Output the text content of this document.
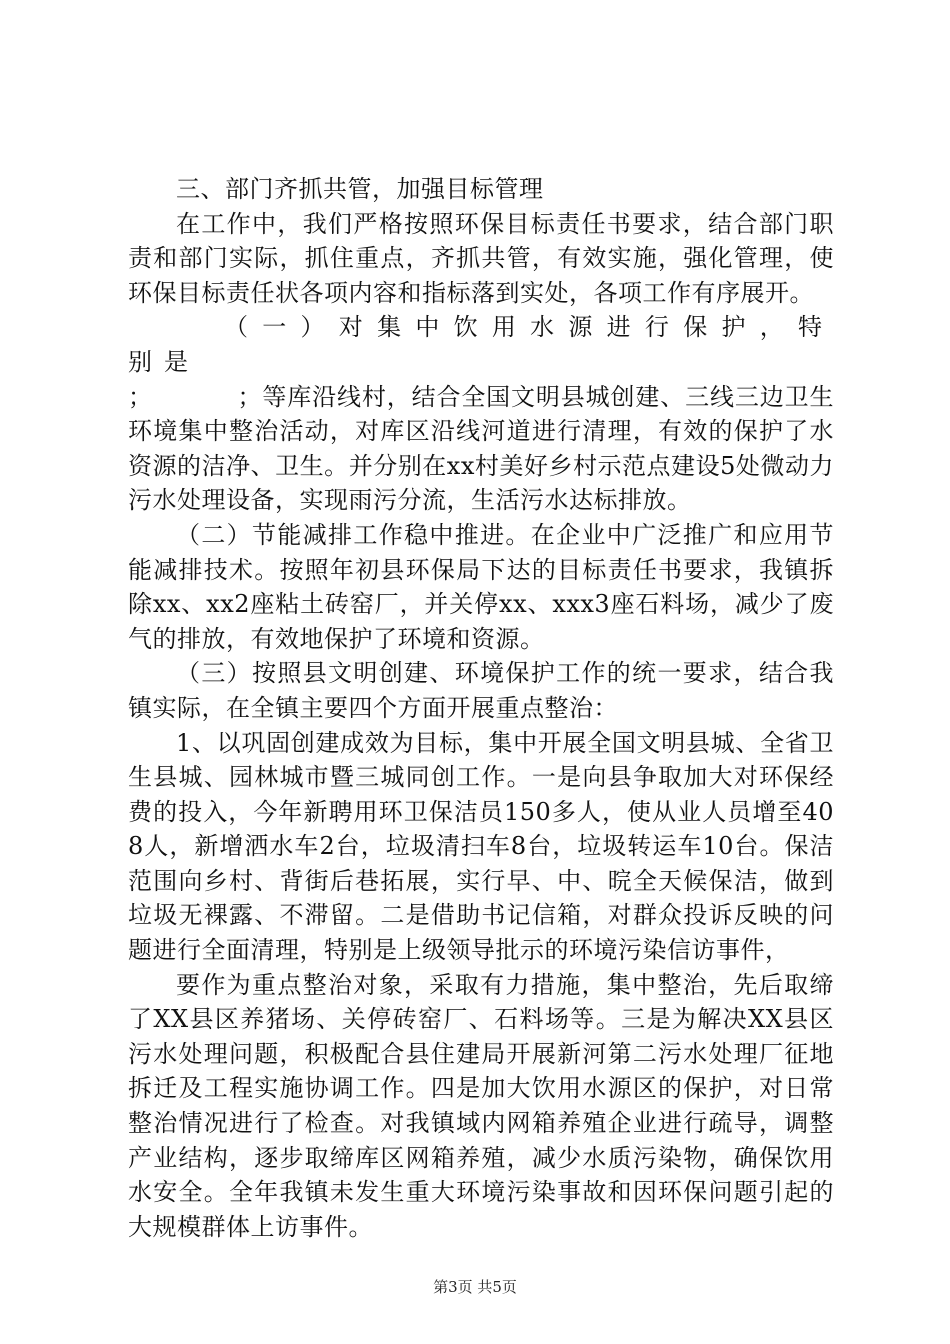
三、部门齐抓共管，加强目标管理

在工作中，我们严格按照环保目标责任书要求，结合部门职责和部门实际，抓住重点，齐抓共管，有效实施，强化管理，使环保目标责任状各项内容和指标落到实处，各项工作有序展开。

（一）对集中饮用水源进行保护，特别是

；          ；等库沿线村，结合全国文明县城创建、三线三边卫生环境集中整治活动，对库区沿线河道进行清理，有效的保护了水资源的洁净、卫生。并分别在xx村美好乡村示范点建设5处微动力污水处理设备，实现雨污分流，生活污水达标排放。

（二）节能减排工作稳中推进。在企业中广泛推广和应用节能减排技术。按照年初县环保局下达的目标责任书要求，我镇拆除xx、xx2座粘土砖窑厂，并关停xx、xxx3座石料场，减少了废气的排放，有效地保护了环境和资源。

（三）按照县文明创建、环境保护工作的统一要求，结合我镇实际，在全镇主要四个方面开展重点整治：

1、以巩固创建成效为目标，集中开展全国文明县城、全省卫生县城、园林城市暨三城同创工作。一是向县争取加大对环保经费的投入，今年新聘用环卫保洁员150多人，使从业人员增至408人，新增洒水车2台，垃圾清扫车8台，垃圾转运车10台。保洁范围向乡村、背街后巷拓展，实行早、中、晥全天候保洁，做到垃圾无裸露、不滞留。二是借助书记信箱，对群众投诉反映的问题进行全面清理，特别是上级领导批示的环境污染信访事件，

要作为重点整治对象，采取有力措施，集中整治，先后取缔了XX县区养猪场、关停砖窑厂、石料场等。三是为解决XX县区污水处理问题，积极配合县住建局开展新河第二污水处理厂征地拆迁及工程实施协调工作。四是加大饮用水源区的保护，对日常整治情况进行了检查。对我镇域内网箱养殖企业进行疏导，调整产业结构，逐步取缔库区网箱养殖，减少水质污染物，确保饮用水安全。全年我镇未发生重大环境污染事故和因环保问题引起的大规模群体上访事件。

第3页 共5页
